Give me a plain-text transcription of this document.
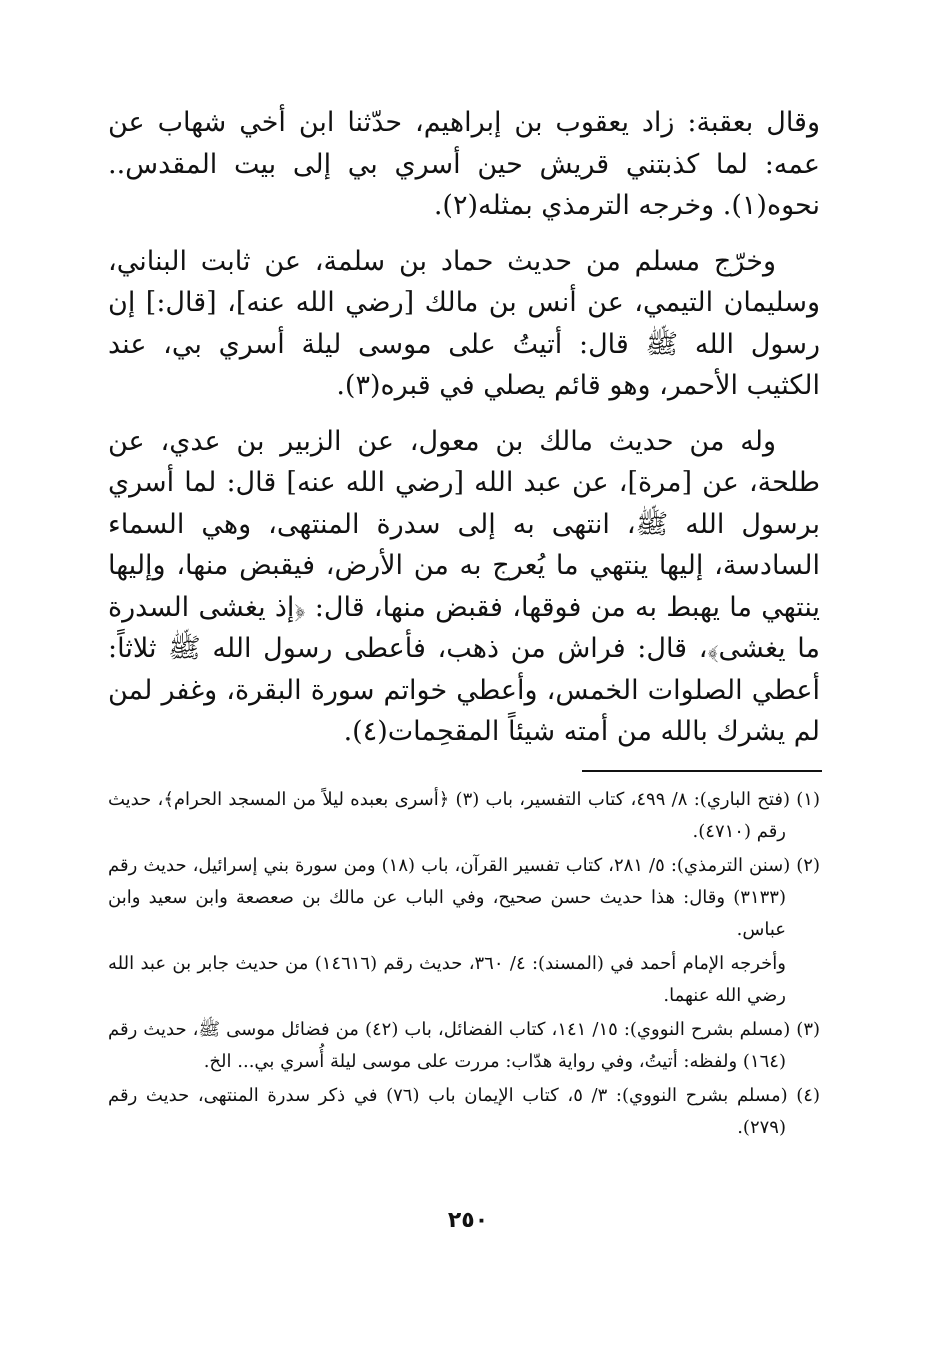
وقال بعقبة: زاد يعقوب بن إبراهيم، حدّثنا ابن أخي شهاب عن عمه: لما كذبتني قريش حين أسري بي إلى بيت المقدس.. نحوه(١). وخرجه الترمذي بمثله(٢).

وخرّج مسلم من حديث حماد بن سلمة، عن ثابت البناني، وسليمان التيمي، عن أنس بن مالك [رضي الله عنه]، [قال:] إن رسول الله ﷺ قال: أتيتُ على موسى ليلة أسري بي، عند الكثيب الأحمر، وهو قائم يصلي في قبره(٣).

وله من حديث مالك بن معول، عن الزبير بن عدي، عن طلحة، عن [مرة]، عن عبد الله [رضي الله عنه] قال: لما أسري برسول الله ﷺ، انتهى به إلى سدرة المنتهى، وهي السماء السادسة، إليها ينتهي ما يُعرج به من الأرض، فيقبض منها، وإليها ينتهي ما يهبط به من فوقها، فقبض منها، قال: ﴿إذ يغشى السدرة ما يغشى﴾، قال: فراش من ذهب، فأعطى رسول الله ﷺ ثلاثاً: أعطي الصلوات الخمس، وأعطي خواتم سورة البقرة، وغفر لمن لم يشرك بالله من أمته شيئاً المقحِمات(٤).

(١) (فتح الباري): ٨/ ٤٩٩، كتاب التفسير، باب (٣) ﴿أسرى بعبده ليلاً من المسجد الحرام﴾، حديث رقم (٤٧١٠).

(٢) (سنن الترمذي): ٥/ ٢٨١، كتاب تفسير القرآن، باب (١٨) ومن سورة بني إسرائيل، حديث رقم (٣١٣٣) وقال: هذا حديث حسن صحيح، وفي الباب عن مالك بن صعصعة وابن سعيد وابن عباس.
وأخرجه الإمام أحمد في (المسند): ٤/ ٣٦٠، حديث رقم (١٤٦١٦) من حديث جابر بن عبد الله رضي الله عنهما.

(٣) (مسلم بشرح النووي): ١٥/ ١٤١، كتاب الفضائل، باب (٤٢) من فضائل موسى ﷺ، حديث رقم (١٦٤) ولفظه: أتيتُ، وفي رواية هدّاب: مررت على موسى ليلة أُسري بي... الخ.

(٤) (مسلم بشرح النووي): ٣/ ٥، كتاب الإيمان باب (٧٦) في ذكر سدرة المنتهى، حديث رقم (٢٧٩).

٢٥٠
